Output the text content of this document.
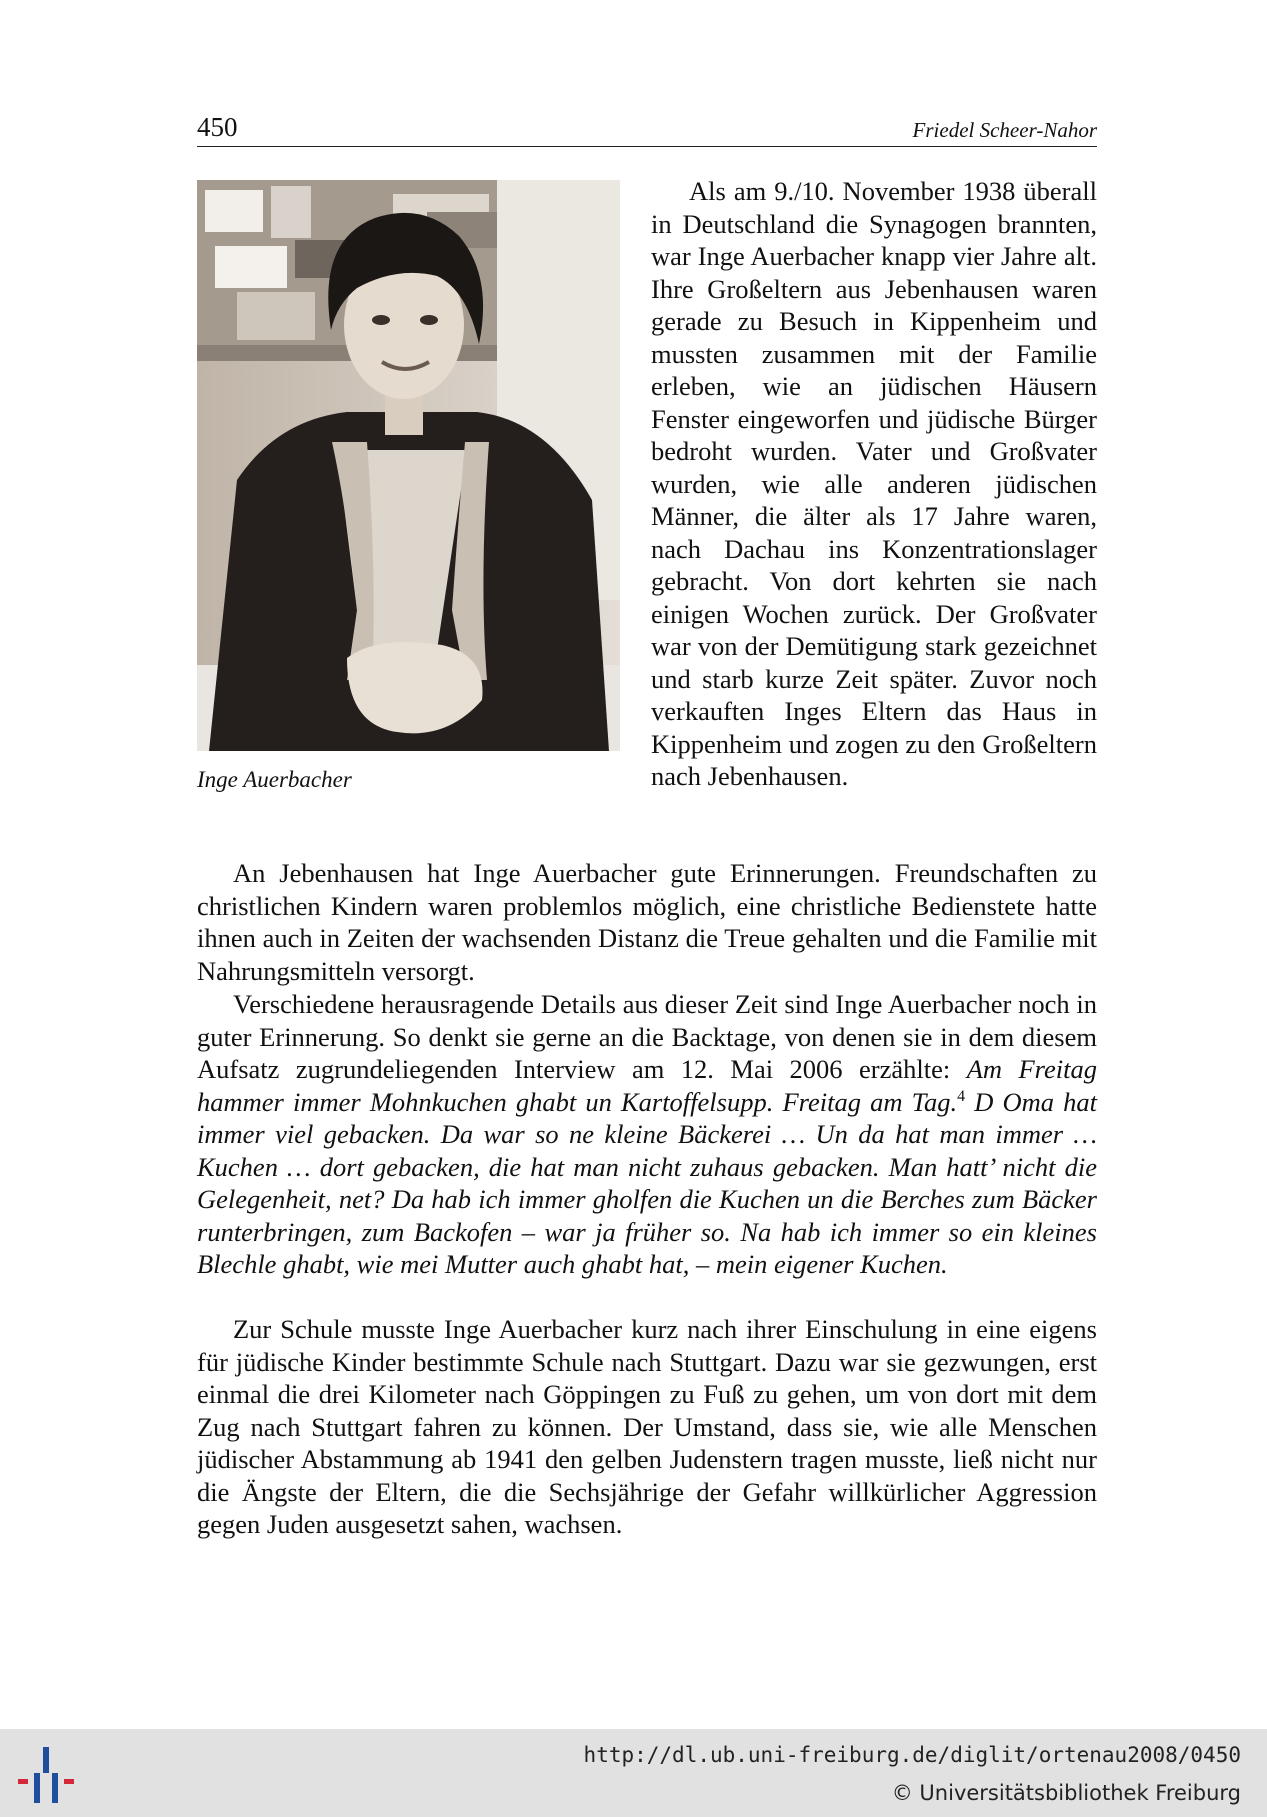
450	Friedel Scheer-Nahor
Inge Auerbacher

Als am 9./10. November 1938 überall in Deutschland die Synagogen brannten, war Inge Auerbacher knapp vier Jahre alt. Ihre Großeltern aus Jebenhausen waren gerade zu Besuch in Kippenheim und mussten zusammen mit der Familie erleben, wie an jüdischen Häusern Fenster eingeworfen und jüdische Bürger bedroht wurden. Vater und Großvater wurden, wie alle anderen jüdischen Männer, die älter als 17 Jahre waren, nach Dachau ins Konzentrationslager gebracht. Von dort kehrten sie nach einigen Wochen zurück. Der Großvater war von der Demütigung stark gezeichnet und starb kurze Zeit später. Zuvor noch verkauften Inges Eltern das Haus in Kippenheim und zogen zu den Großeltern nach Jebenhausen.

An Jebenhausen hat Inge Auerbacher gute Erinnerungen. Freundschaften zu christlichen Kindern waren problemlos möglich, eine christliche Bedienstete hatte ihnen auch in Zeiten der wachsenden Distanz die Treue gehalten und die Familie mit Nahrungsmitteln versorgt.

Verschiedene herausragende Details aus dieser Zeit sind Inge Auerbacher noch in guter Erinnerung. So denkt sie gerne an die Backtage, von denen sie in dem diesem Aufsatz zugrundeliegenden Interview am 12. Mai 2006 erzählte: Am Freitag hammer immer Mohnkuchen ghabt un Kartoffelsupp. Freitag am Tag.$^4$ D Oma hat immer viel gebacken. Da war so ne kleine Bäckerei … Un da hat man immer … Kuchen … dort gebacken, die hat man nicht zuhaus gebacken. Man hatt’ nicht die Gelegenheit, net? Da hab ich immer gholfen die Kuchen un die Berches zum Bäcker runterbringen, zum Backofen – war ja früher so. Na hab ich immer so ein kleines Blechle ghabt, wie mei Mutter auch ghabt hat, – mein eigener Kuchen.

Zur Schule musste Inge Auerbacher kurz nach ihrer Einschulung in eine eigens für jüdische Kinder bestimmte Schule nach Stuttgart. Dazu war sie gezwungen, erst einmal die drei Kilometer nach Göppingen zu Fuß zu gehen, um von dort mit dem Zug nach Stuttgart fahren zu können. Der Umstand, dass sie, wie alle Menschen jüdischer Abstammung ab 1941 den gelben Judenstern tragen musste, ließ nicht nur die Ängste der Eltern, die die Sechsjährige der Gefahr willkürlicher Aggression gegen Juden ausgesetzt sahen, wachsen.

http://dl.ub.uni-freiburg.de/diglit/ortenau2008/0450
© Universitätsbibliothek Freiburg
